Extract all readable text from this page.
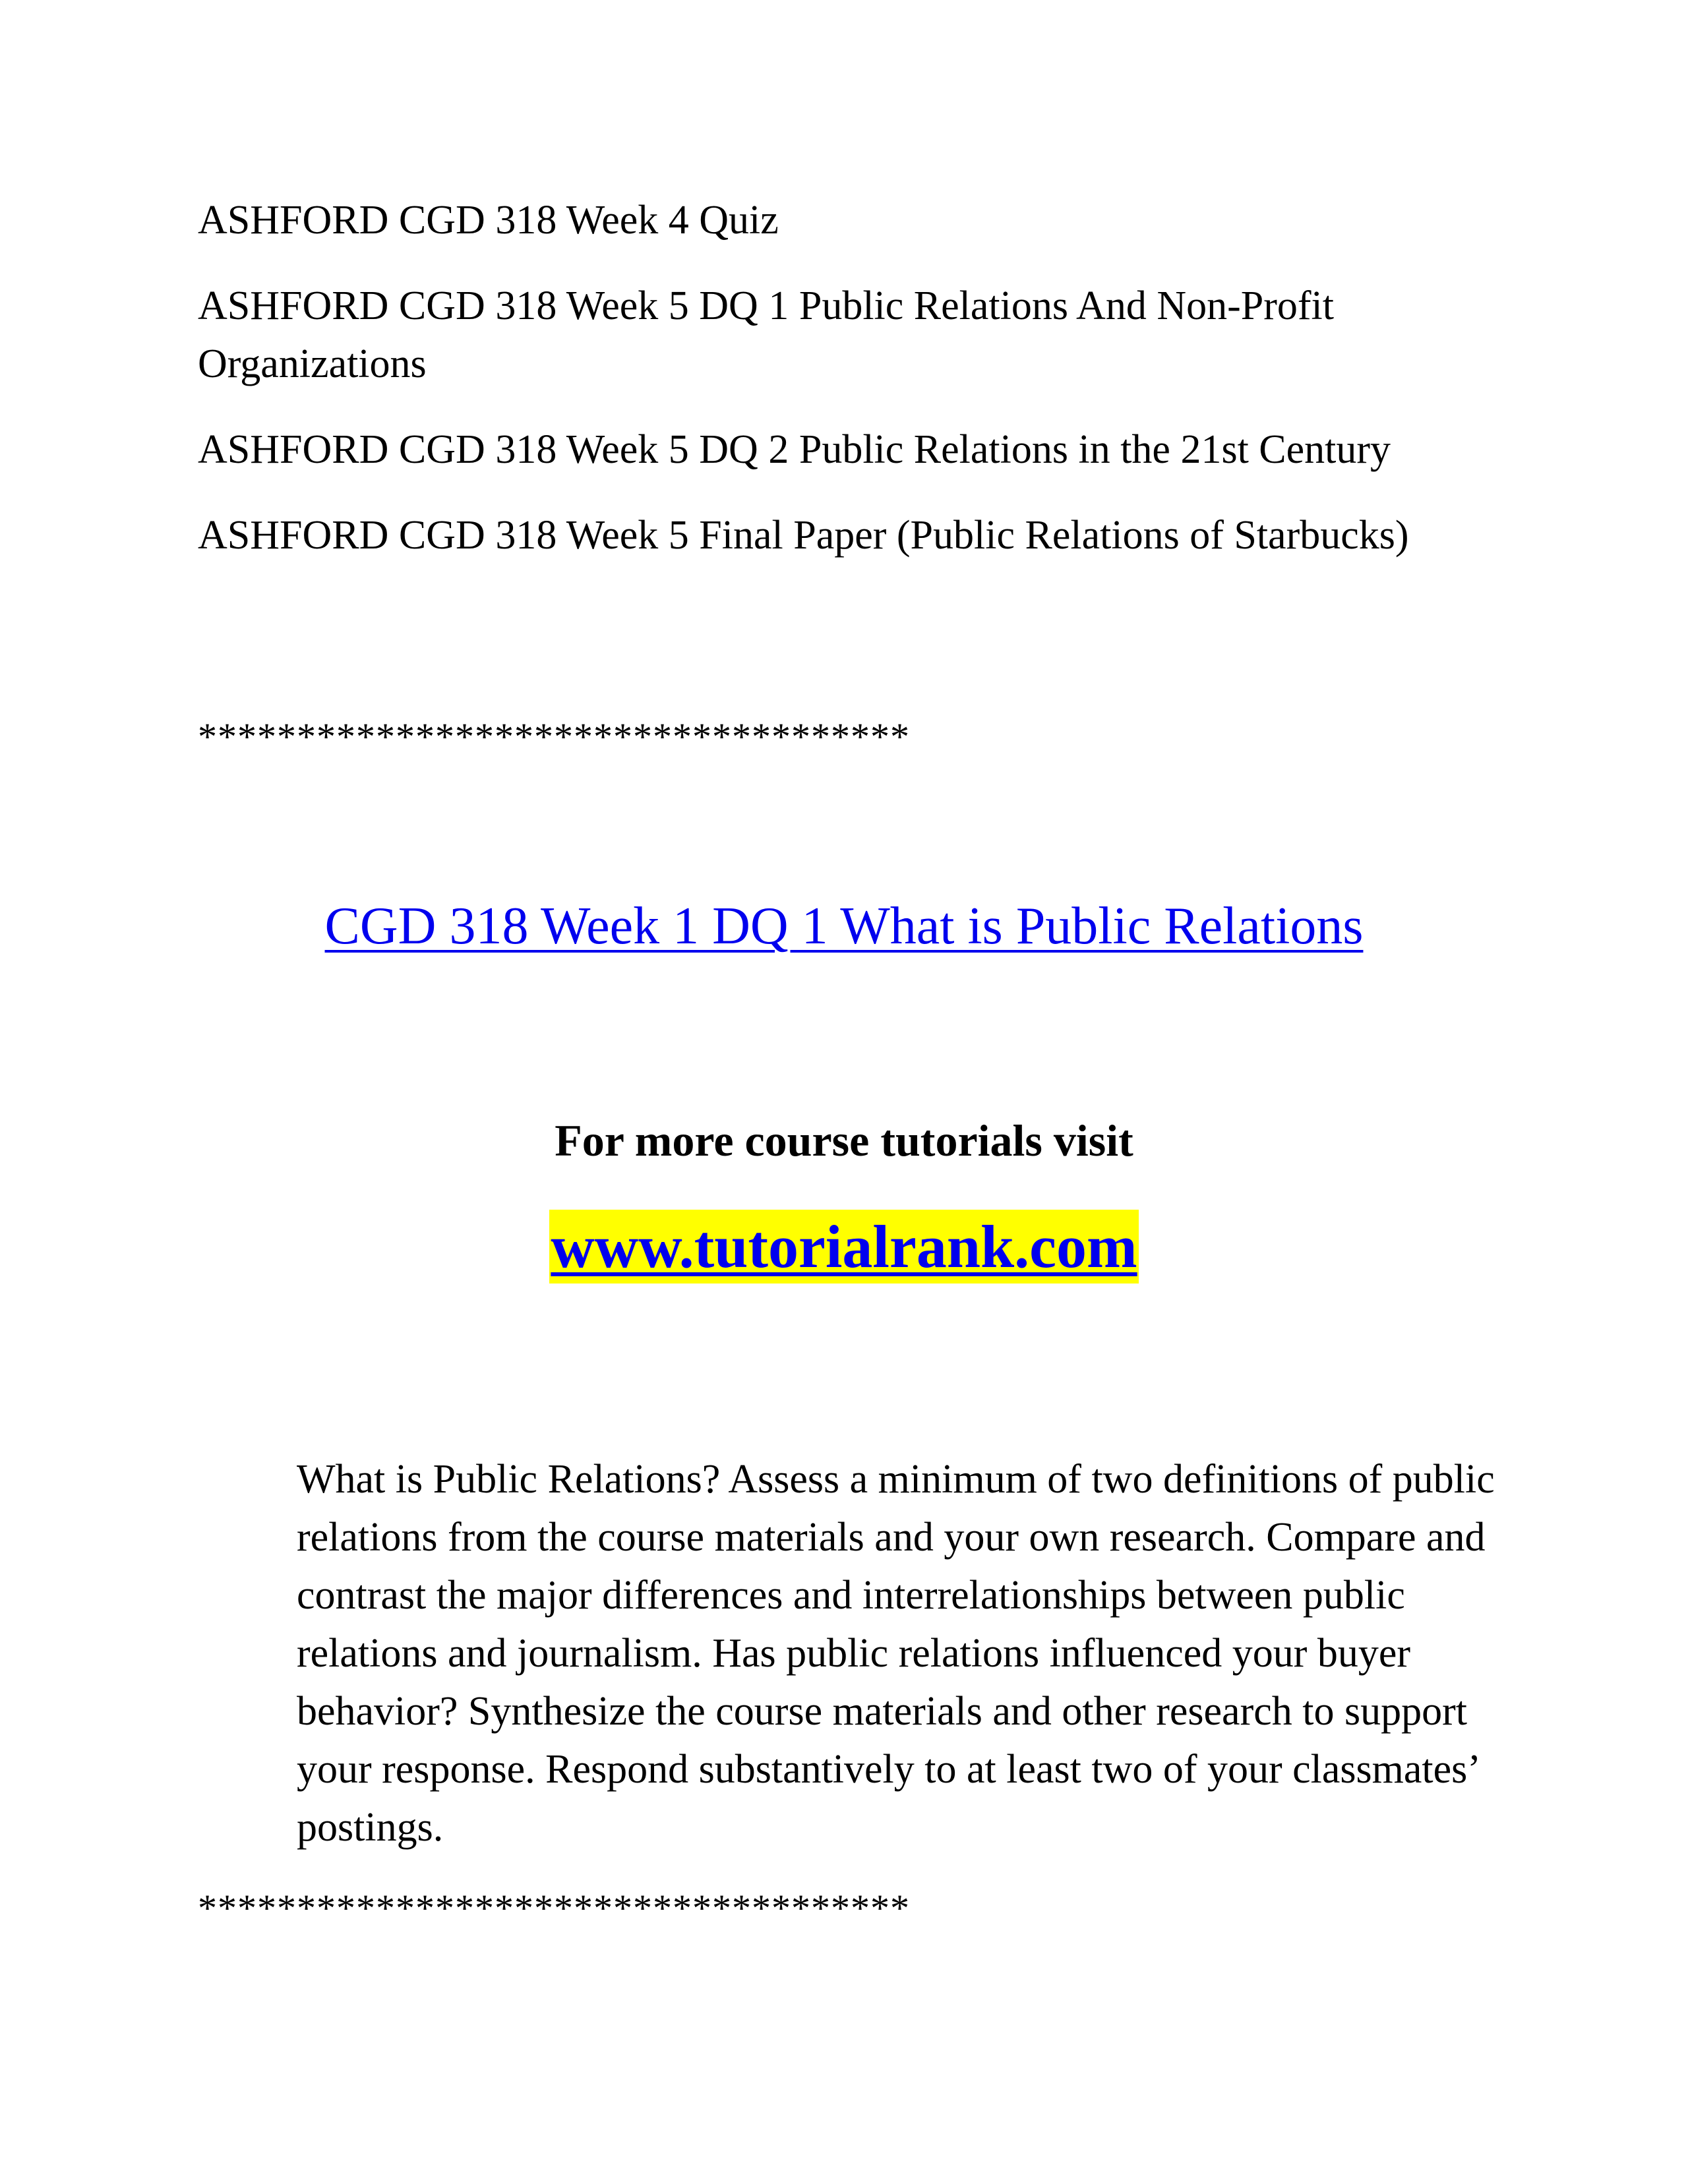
ASHFORD CGD 318 Week 4 Quiz
ASHFORD CGD 318 Week 5 DQ 1 Public Relations And Non-Profit Organizations
ASHFORD CGD 318 Week 5 DQ 2 Public Relations in the 21st Century
ASHFORD CGD 318 Week 5 Final Paper (Public Relations of Starbucks)
************************************
CGD 318 Week 1 DQ 1 What is Public Relations
For more course tutorials visit
www.tutorialrank.com
What is Public Relations? Assess a minimum of two definitions of public relations from the course materials and your own research. Compare and contrast the major differences and interrelationships between public relations and journalism. Has public relations influenced your buyer behavior? Synthesize the course materials and other research to support your response. Respond substantively to at least two of your classmates’ postings.
************************************
